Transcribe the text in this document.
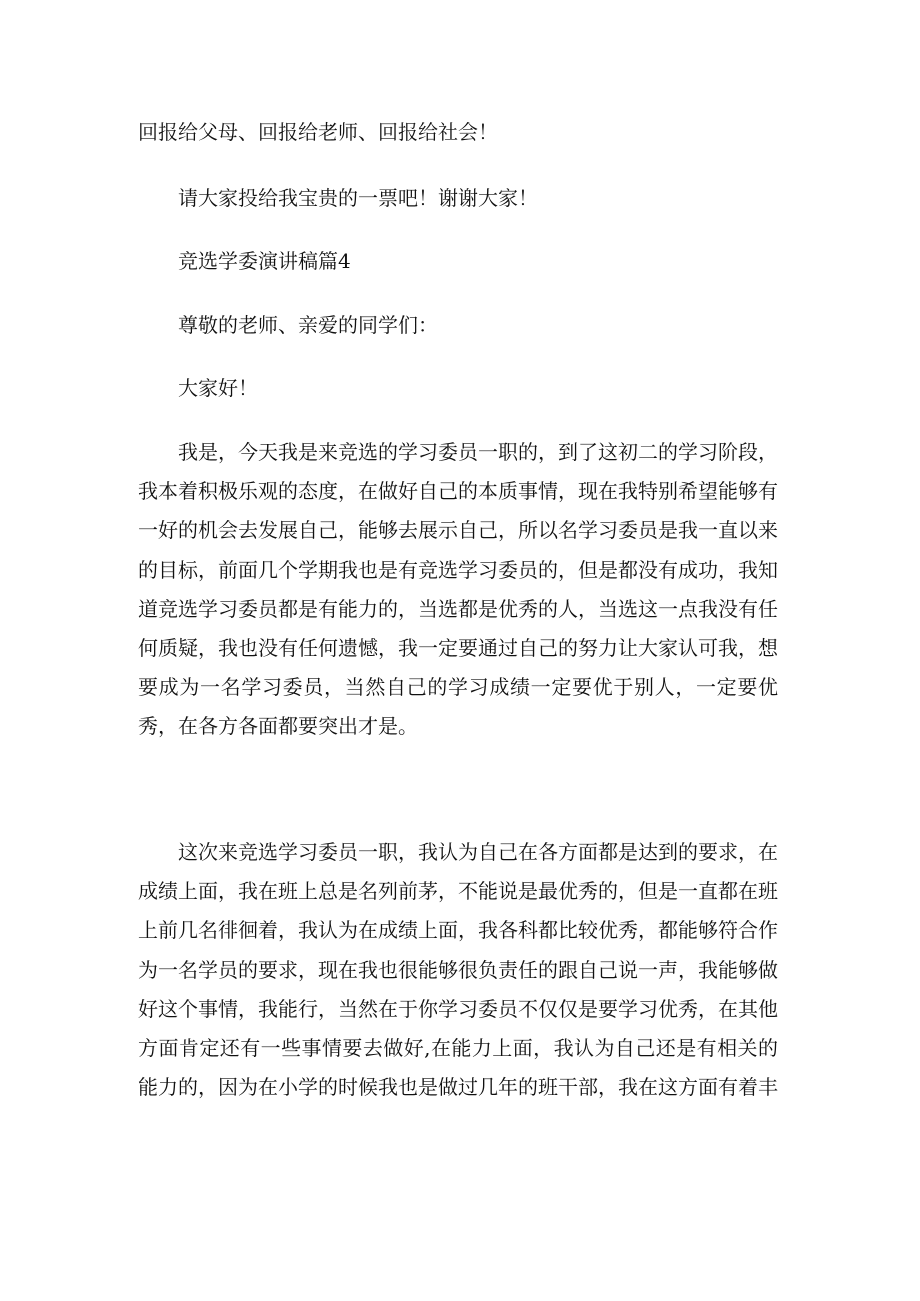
回报给父母、回报给老师、回报给社会！
请大家投给我宝贵的一票吧！谢谢大家！
竞选学委演讲稿篇4
尊敬的老师、亲爱的同学们：
大家好！
我是，今天我是来竞选的学习委员一职的，到了这初二的学习阶段，我本着积极乐观的态度，在做好自己的本质事情，现在我特别希望能够有一好的机会去发展自己，能够去展示自己，所以名学习委员是我一直以来的目标，前面几个学期我也是有竞选学习委员的，但是都没有成功，我知道竞选学习委员都是有能力的，当选都是优秀的人，当选这一点我没有任何质疑，我也没有任何遗憾，我一定要通过自己的努力让大家认可我，想要成为一名学习委员，当然自己的学习成绩一定要优于别人，一定要优秀，在各方各面都要突出才是。
这次来竞选学习委员一职，我认为自己在各方面都是达到的要求，在成绩上面，我在班上总是名列前茅，不能说是最优秀的，但是一直都在班上前几名徘徊着，我认为在成绩上面，我各科都比较优秀，都能够符合作为一名学员的要求，现在我也很能够很负责任的跟自己说一声，我能够做好这个事情，我能行，当然在于你学习委员不仅仅是要学习优秀，在其他方面肯定还有一些事情要去做好,在能力上面，我认为自己还是有相关的能力的，因为在小学的时候我也是做过几年的班干部，我在这方面有着丰
